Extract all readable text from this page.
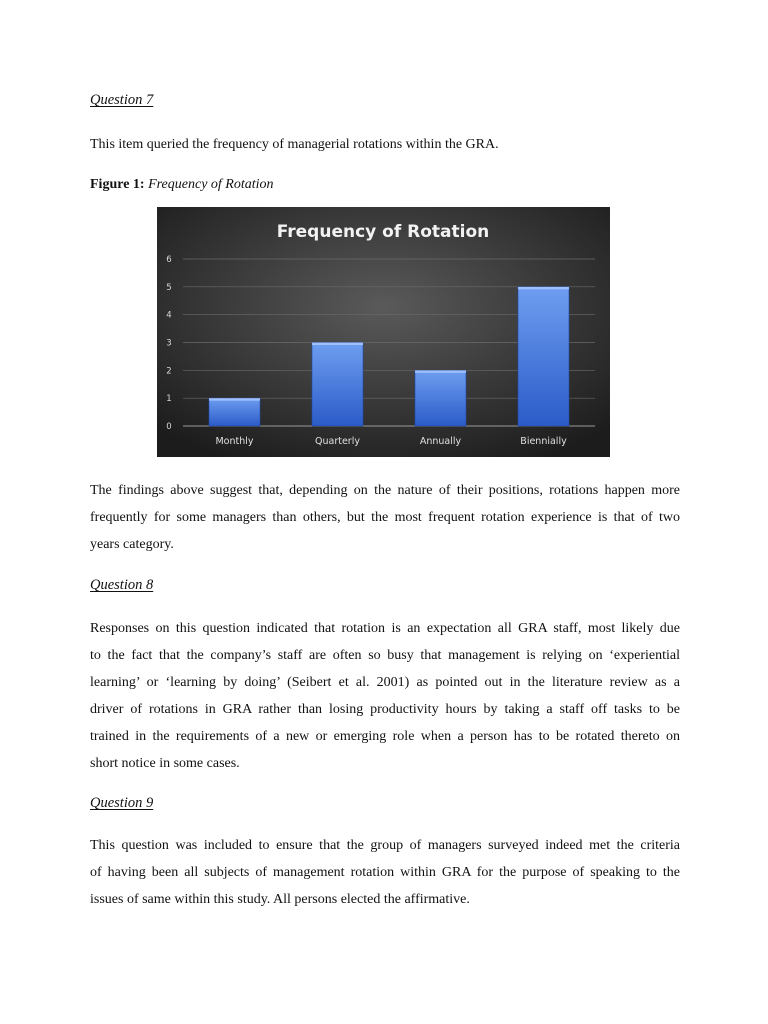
Question 7

This item queried the frequency of managerial rotations within the GRA.

Figure 1: Frequency of Rotation

Frequency of Rotation
0
1
2
3
4
5
6
Monthly	Quarterly	Annually	Biennially

The findings above suggest that, depending on the nature of their positions, rotations happen more
frequently for some managers than others, but the most frequent rotation experience is that of two
years category.

Question 8

Responses on this question indicated that rotation is an expectation all GRA staff, most likely due
to the fact that the company’s staff are often so busy that management is relying on ‘experiential
learning’ or ‘learning by doing’ (Seibert et al. 2001) as pointed out in the literature review as a
driver of rotations in GRA rather than losing productivity hours by taking a staff off tasks to be
trained in the requirements of a new or emerging role when a person has to be rotated thereto on
short notice in some cases.

Question 9

This question was included to ensure that the group of managers surveyed indeed met the criteria
of having been all subjects of management rotation within GRA for the purpose of speaking to the
issues of same within this study. All persons elected the affirmative.
